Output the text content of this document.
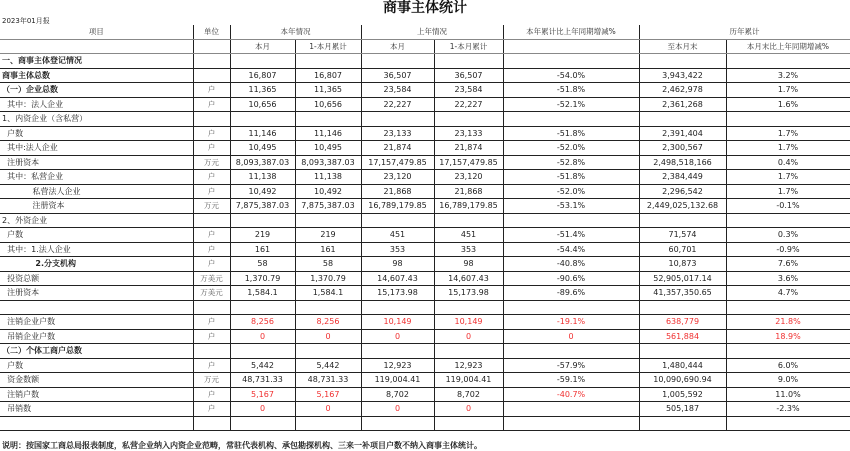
商事主体统计
2023年01月报
项目	单位	本年情况		上年情况		本年累计比上年同期增减%	历年累计	
		本月	1-本月累计	本月	1-本月累计		至本月末	本月末比上年同期增减%
一、商事主体登记情况								
商事主体总数		16,807	16,807	36,507	36,507	-54.0%	3,943,422	3.2%
（一）企业总数	户	11,365	11,365	23,584	23,584	-51.8%	2,462,978	1.7%
其中：法人企业	户	10,656	10,656	22,227	22,227	-52.1%	2,361,268	1.6%
1、内资企业（含私营）								
户数	户	11,146	11,146	23,133	23,133	-51.8%	2,391,404	1.7%
其中:法人企业	户	10,495	10,495	21,874	21,874	-52.0%	2,300,567	1.7%
注册资本	万元	8,093,387.03	8,093,387.03	17,157,479.85	17,157,479.85	-52.8%	2,498,518,166	0.4%
其中：私营企业	户	11,138	11,138	23,120	23,120	-51.8%	2,384,449	1.7%
私营法人企业	户	10,492	10,492	21,868	21,868	-52.0%	2,296,542	1.7%
注册资本	万元	7,875,387.03	7,875,387.03	16,789,179.85	16,789,179.85	-53.1%	2,449,025,132.68	-0.1%
2、外资企业								
户数	户	219	219	451	451	-51.4%	71,574	0.3%
其中：1.法人企业	户	161	161	353	353	-54.4%	60,701	-0.9%
2.分支机构	户	58	58	98	98	-40.8%	10,873	7.6%
投资总额	万美元	1,370.79	1,370.79	14,607.43	14,607.43	-90.6%	52,905,017.14	3.6%
注册资本	万美元	1,584.1	1,584.1	15,173.98	15,173.98	-89.6%	41,357,350.65	4.7%

注销企业户数	户	8,256	8,256	10,149	10,149	-19.1%	638,779	21.8%
吊销企业户数	户	0	0	0	0	0	561,884	18.9%
（二）个体工商户总数								
户数	户	5,442	5,442	12,923	12,923	-57.9%	1,480,444	6.0%
资金数额	万元	48,731.33	48,731.33	119,004.41	119,004.41	-59.1%	10,090,690.94	9.0%
注销户数	户	5,167	5,167	8,702	8,702	-40.7%	1,005,592	11.0%
吊销数	户	0	0	0	0		505,187	-2.3%

说明：按国家工商总局报表制度，私营企业纳入内资企业范畴，常驻代表机构、承包勘探机构、三来一补项目户数不纳入商事主体统计。
